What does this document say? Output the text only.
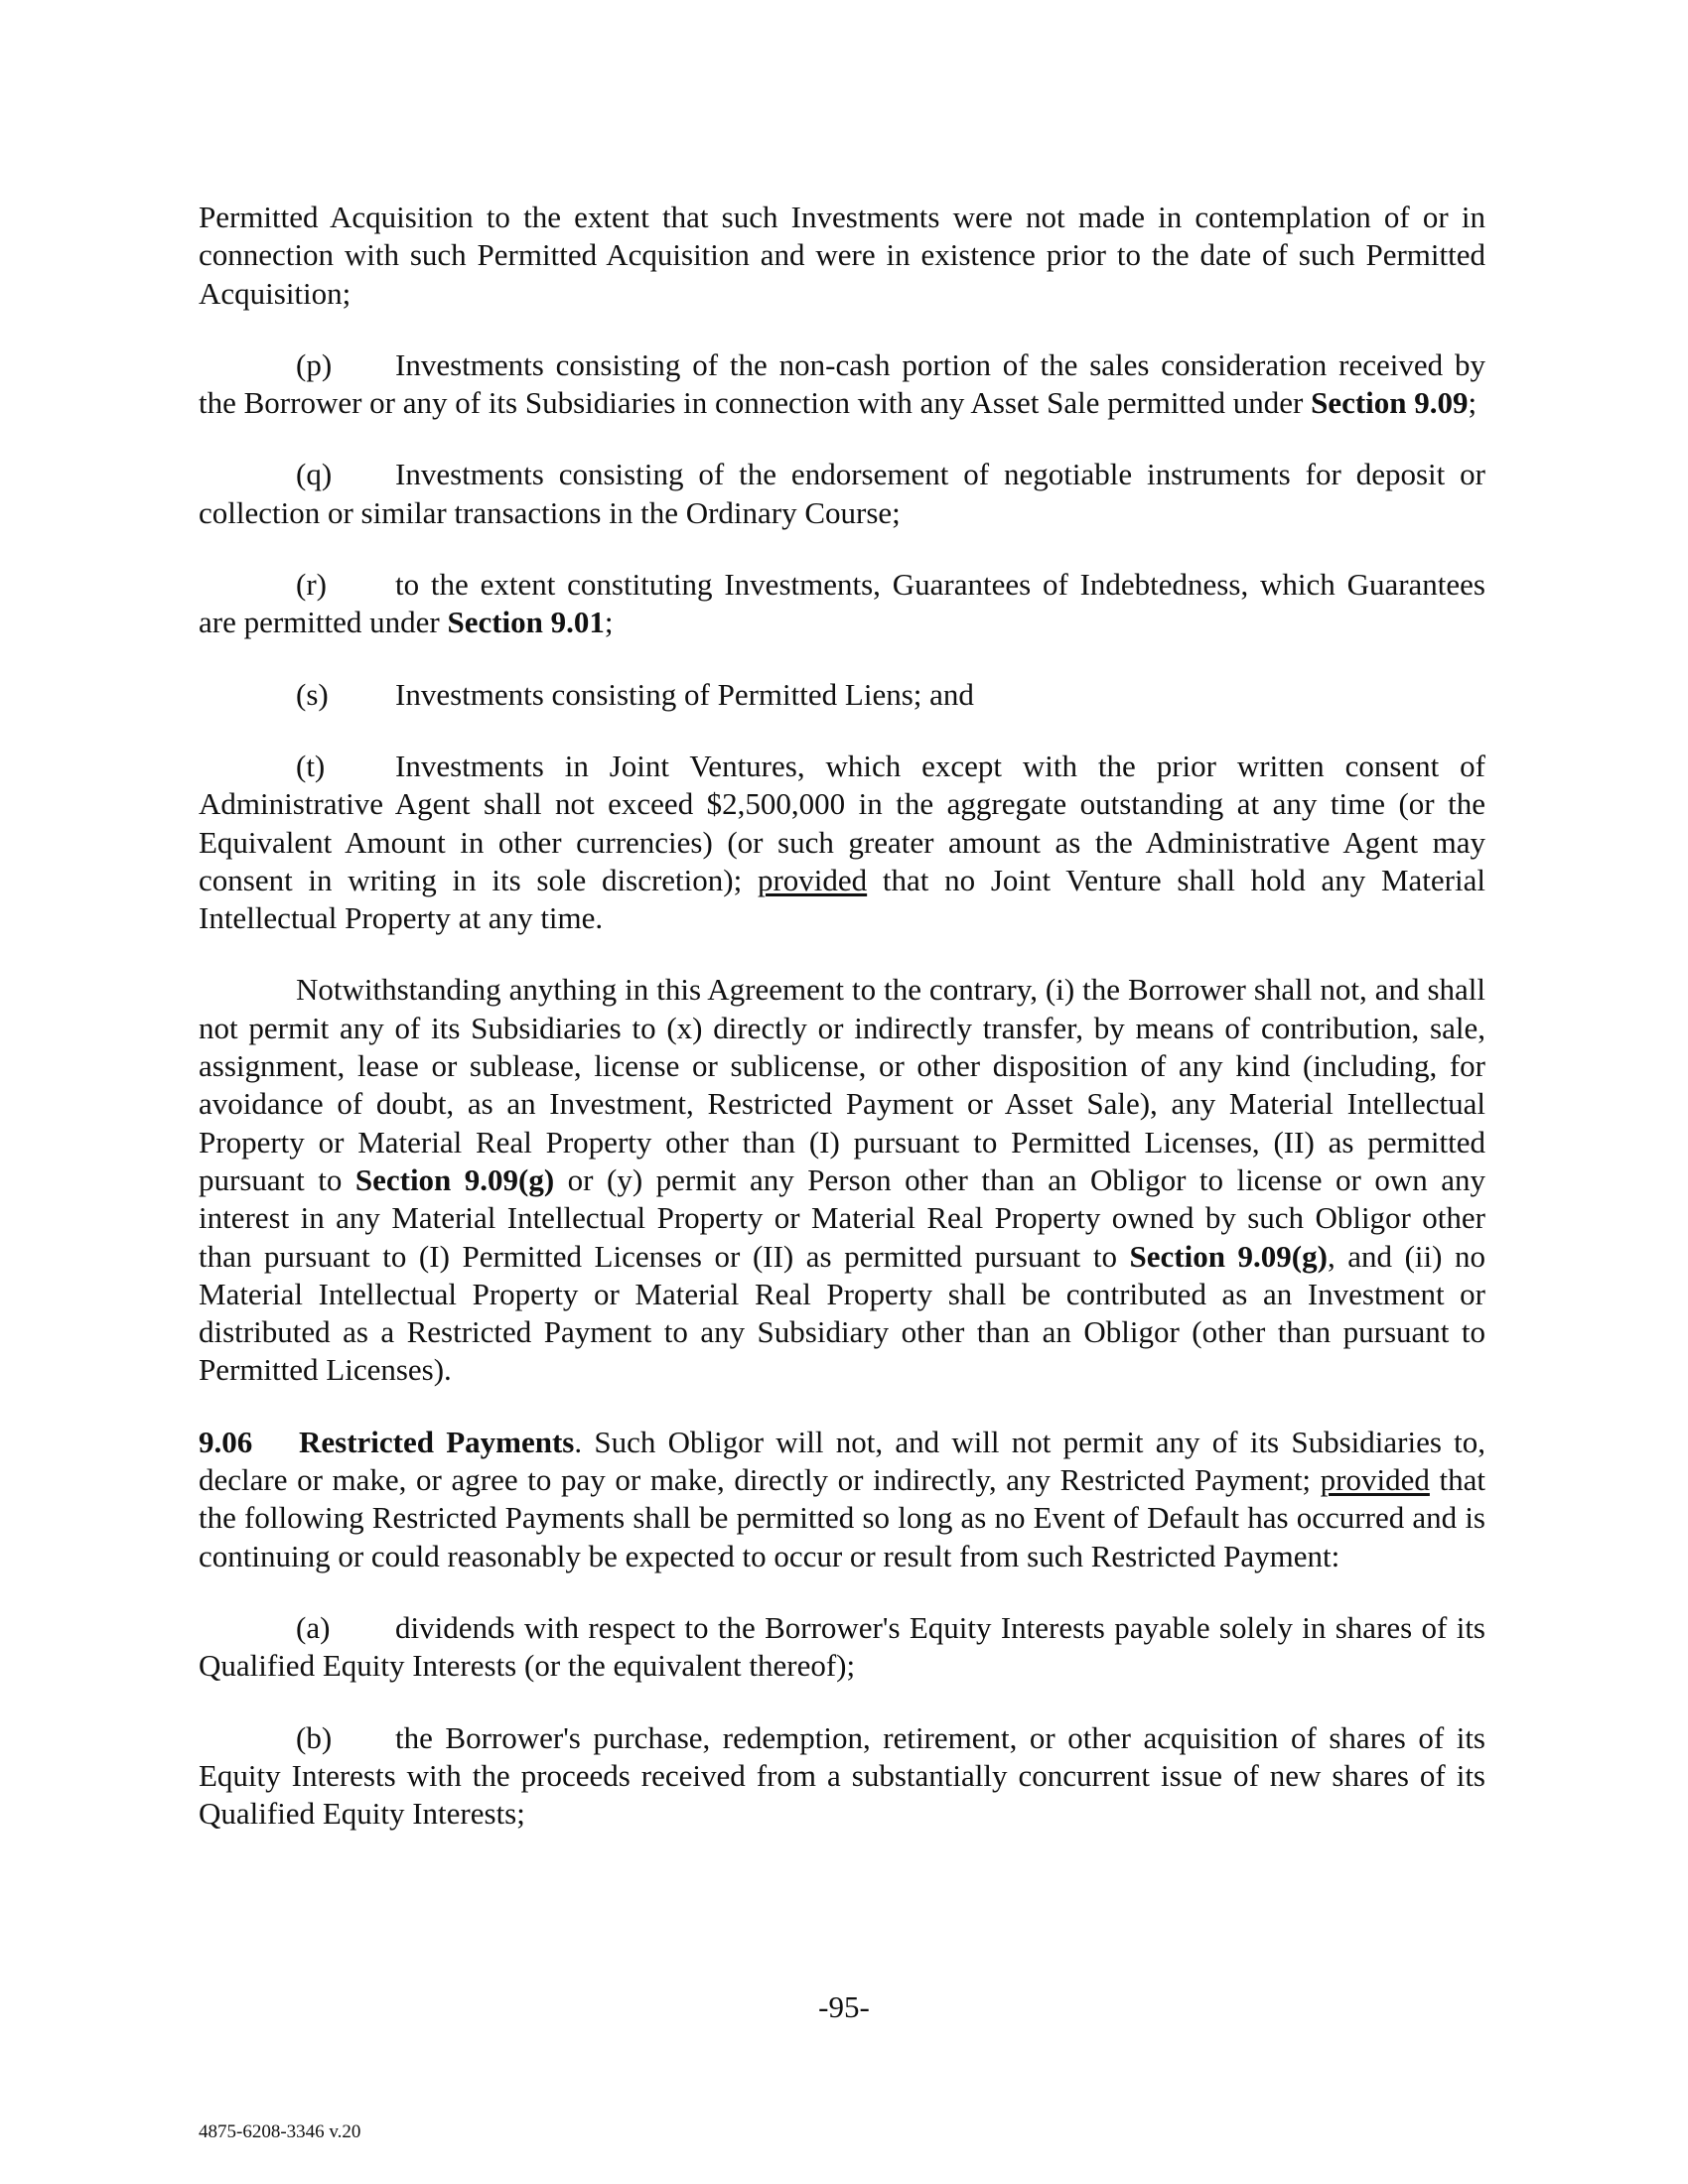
Permitted Acquisition to the extent that such Investments were not made in contemplation of or in connection with such Permitted Acquisition and were in existence prior to the date of such Permitted Acquisition;

(p) Investments consisting of the non-cash portion of the sales consideration received by the Borrower or any of its Subsidiaries in connection with any Asset Sale permitted under Section 9.09;

(q) Investments consisting of the endorsement of negotiable instruments for deposit or collection or similar transactions in the Ordinary Course;

(r) to the extent constituting Investments, Guarantees of Indebtedness, which Guarantees are permitted under Section 9.01;

(s) Investments consisting of Permitted Liens; and

(t) Investments in Joint Ventures, which except with the prior written consent of Administrative Agent shall not exceed $2,500,000 in the aggregate outstanding at any time (or the Equivalent Amount in other currencies) (or such greater amount as the Administrative Agent may consent in writing in its sole discretion); provided that no Joint Venture shall hold any Material Intellectual Property at any time.

Notwithstanding anything in this Agreement to the contrary, (i) the Borrower shall not, and shall not permit any of its Subsidiaries to (x) directly or indirectly transfer, by means of contribution, sale, assignment, lease or sublease, license or sublicense, or other disposition of any kind (including, for avoidance of doubt, as an Investment, Restricted Payment or Asset Sale), any Material Intellectual Property or Material Real Property other than (I) pursuant to Permitted Licenses, (II) as permitted pursuant to Section 9.09(g) or (y) permit any Person other than an Obligor to license or own any interest in any Material Intellectual Property or Material Real Property owned by such Obligor other than pursuant to (I) Permitted Licenses or (II) as permitted pursuant to Section 9.09(g), and (ii) no Material Intellectual Property or Material Real Property shall be contributed as an Investment or distributed as a Restricted Payment to any Subsidiary other than an Obligor (other than pursuant to Permitted Licenses).

9.06 Restricted Payments. Such Obligor will not, and will not permit any of its Subsidiaries to, declare or make, or agree to pay or make, directly or indirectly, any Restricted Payment; provided that the following Restricted Payments shall be permitted so long as no Event of Default has occurred and is continuing or could reasonably be expected to occur or result from such Restricted Payment:

(a) dividends with respect to the Borrower's Equity Interests payable solely in shares of its Qualified Equity Interests (or the equivalent thereof);

(b) the Borrower's purchase, redemption, retirement, or other acquisition of shares of its Equity Interests with the proceeds received from a substantially concurrent issue of new shares of its Qualified Equity Interests;

-95-
4875-6208-3346 v.20
